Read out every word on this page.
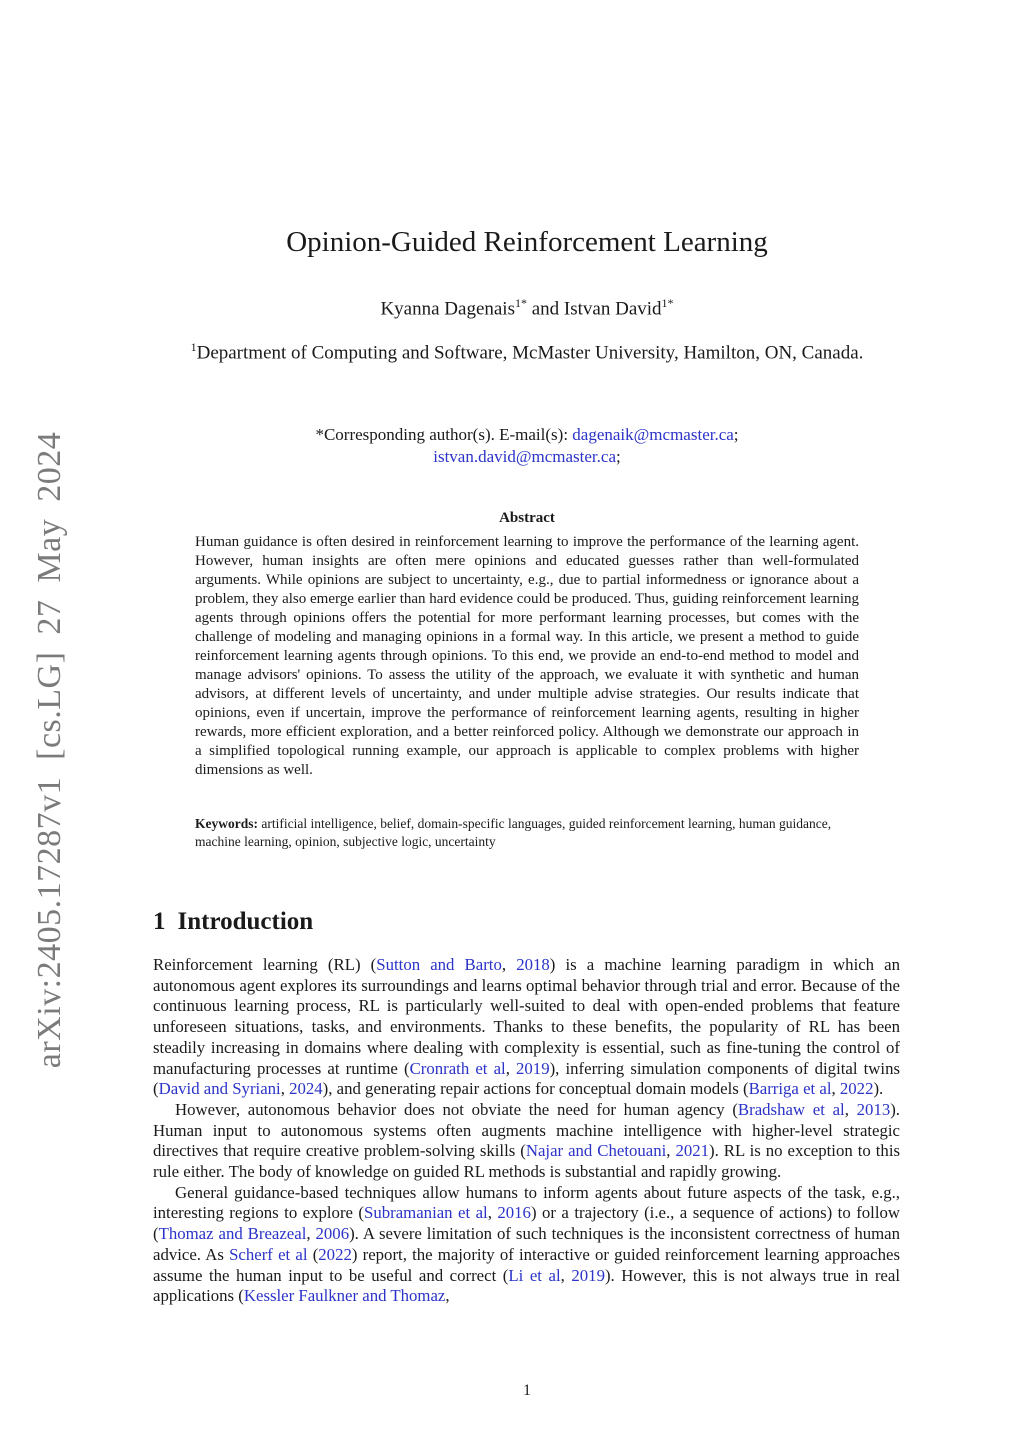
arXiv:2405.17287v1 [cs.LG] 27 May 2024
Opinion-Guided Reinforcement Learning
Kyanna Dagenais$^{1*}$ and Istvan David$^{1*}$
$^1$Department of Computing and Software, McMaster University, Hamilton, ON, Canada.
*Corresponding author(s). E-mail(s): dagenaik@mcmaster.ca;
istvan.david@mcmaster.ca;
Abstract
Human guidance is often desired in reinforcement learning to improve the performance of the learning agent. However, human insights are often mere opinions and educated guesses rather than well-formulated arguments. While opinions are subject to uncertainty, e.g., due to partial informedness or ignorance about a problem, they also emerge earlier than hard evidence could be produced. Thus, guiding reinforcement learning agents through opinions offers the potential for more performant learning processes, but comes with the challenge of modeling and managing opinions in a formal way. In this article, we present a method to guide reinforcement learning agents through opinions. To this end, we provide an end-to-end method to model and manage advisors' opinions. To assess the utility of the approach, we evaluate it with synthetic and human advisors, at different levels of uncertainty, and under multiple advise strategies. Our results indicate that opinions, even if uncertain, improve the performance of reinforcement learning agents, resulting in higher rewards, more efficient exploration, and a better reinforced policy. Although we demonstrate our approach in a simplified topological running example, our approach is applicable to complex problems with higher dimensions as well.
Keywords: artificial intelligence, belief, domain-specific languages, guided reinforcement learning, human guidance, machine learning, opinion, subjective logic, uncertainty
1 Introduction

Reinforcement learning (RL) (Sutton and Barto, 2018) is a machine learning paradigm in which an autonomous agent explores its surroundings and learns optimal behavior through trial and error. Because of the continuous learning process, RL is particularly well-suited to deal with open-ended problems that feature unforeseen situations, tasks, and environments. Thanks to these benefits, the popularity of RL has been steadily increasing in domains where dealing with complexity is essential, such as fine-tuning the control of manufacturing processes at runtime (Cronrath et al, 2019), inferring simulation components of digital twins (David and Syriani, 2024), and generating repair actions for conceptual domain models (Barriga et al, 2022).

However, autonomous behavior does not obviate the need for human agency (Bradshaw et al, 2013). Human input to autonomous systems often augments machine intelligence with higher-level strategic directives that require creative problem-solving skills (Najar and Chetouani, 2021). RL is no exception to this rule either. The body of knowledge on guided RL methods is substantial and rapidly growing.

General guidance-based techniques allow humans to inform agents about future aspects of the task, e.g., interesting regions to explore (Subramanian et al, 2016) or a trajectory (i.e., a sequence of actions) to follow (Thomaz and Breazeal, 2006). A severe limitation of such techniques is the inconsistent correctness of human advice. As Scherf et al (2022) report, the majority of interactive or guided reinforcement learning approaches assume the human input to be useful and correct (Li et al, 2019). However, this is not always true in real applications (Kessler Faulkner and Thomaz,

1
